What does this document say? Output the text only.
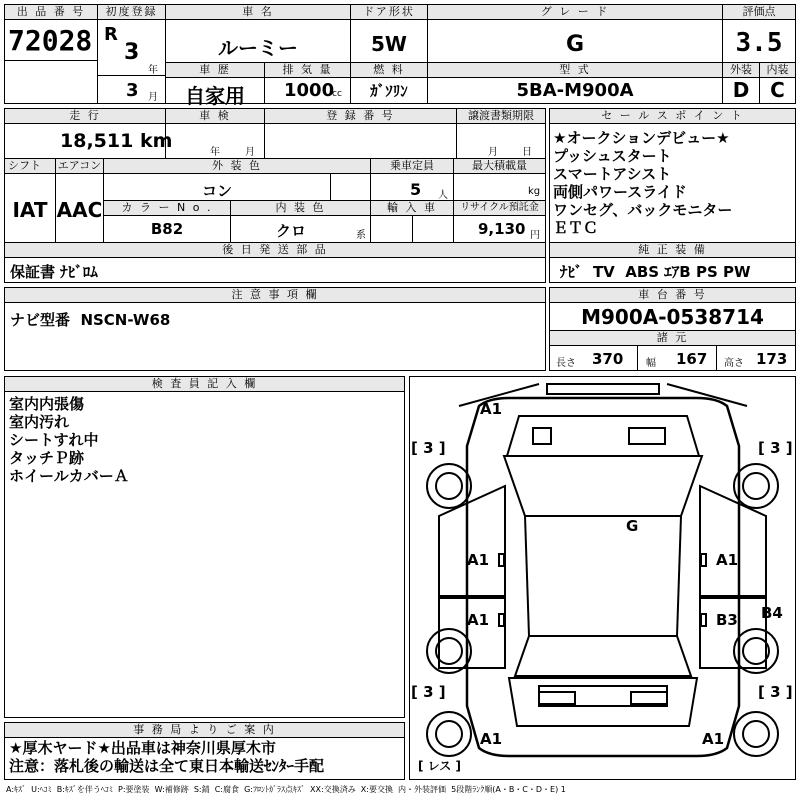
出 品 番 号
72028
初度登録
R
3
年
3 月
車 名
ルーミー
ドア形状
5W
グ レ ー ド
G
評価点
3.5
車 歴
自家用
排 気 量
1000
cc
燃 料
ｶﾞｿﾘﾝ
型 式
5BA-M900A
外装	内装
D	C
走 行
18,511 km
車 検
年	月
登 録 番 号	譲渡書類期限
月 日
シフト	エアコン
IAT AAC
外 装 色
コン
乗車定員
5 人
最大積載量
kg
カ ラ ー N o .
B82
内 装 色
クロ	系
輸 入 車	リサイクル預託金
9,130 円
後 日 発 送 部 品
保証書 ﾅﾋﾞﾛﾑ
セ ー ル ス ポ イ ン ト
★オークションデビュー★
プッシュスタート
スマートアシスト
両側パワースライド
ワンセグ、バックモニター
ＥＴＣ
純 正 装 備
ﾅﾋﾞ  TV  ABS ｴｱB PS PW
注 意 事 項 欄
ナビ型番  NSCN-W68
車 台 番 号
M900A-0538714
諸 元
長さ 370 幅 167 高さ 173
検 査 員 記 入 欄
室内内張傷
室内汚れ
シートすれ中
タッチＰ跡
ホイールカバーＡ
事 務 局 よ り ご 案 内
★厚木ヤード★出品車は神奈川県厚木市
注意：落札後の輸送は全て東日本輸送ｾﾝﾀｰ手配
A1
G
A1	A1
A1	B3 B4
A1	A1
[ 3 ]	[ 3 ]
[ 3 ]	[ 3 ]
[ レス ]
A:ｷｽﾞ  U:ﾍｺﾐ  B:ｷｽﾞを伴うﾍｺﾐ  P:要塗装  W:補修跡  S:錆  C:腐食  G:ﾌﾛﾝﾄｶﾞﾗｽ点ｷｽﾞ  XX:交換済み  X:要交換  内・外装評価  5段階ﾗﾝｸ順(A・B・C・D・E) 1
